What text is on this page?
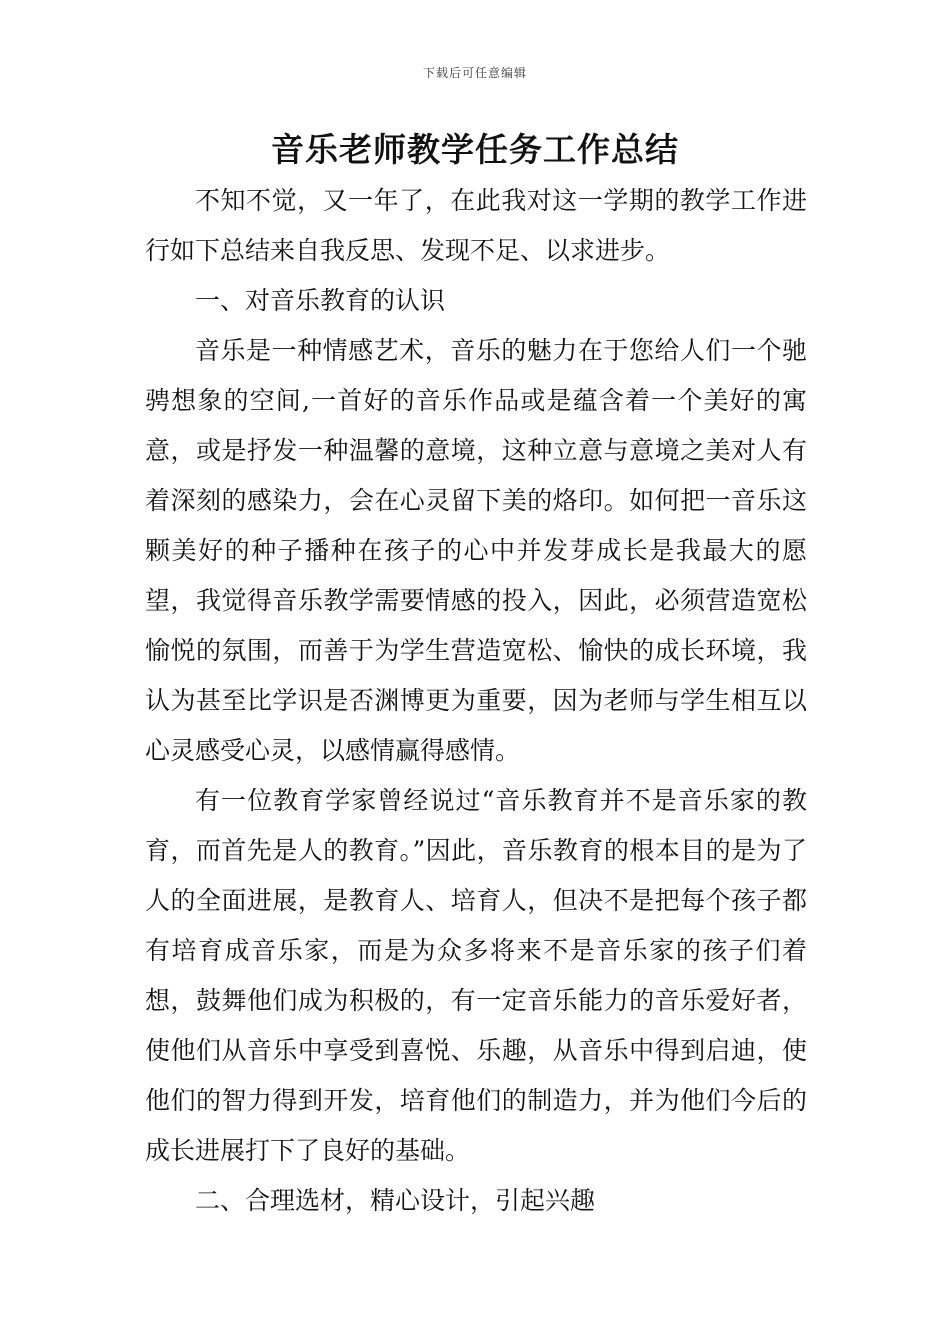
下载后可任意编辑
音乐老师教学任务工作总结

不知不觉，又一年了，在此我对这一学期的教学工作进行如下总结来自我反思、发现不足、以求进步。

一、对音乐教育的认识

音乐是一种情感艺术，音乐的魅力在于您给人们一个驰骋想象的空间,一首好的音乐作品或是蕴含着一个美好的寓意，或是抒发一种温馨的意境，这种立意与意境之美对人有着深刻的感染力，会在心灵留下美的烙印。如何把一音乐这颗美好的种子播种在孩子的心中并发芽成长是我最大的愿望，我觉得音乐教学需要情感的投入，因此，必须营造宽松愉悦的氛围，而善于为学生营造宽松、愉快的成长环境，我认为甚至比学识是否渊博更为重要，因为老师与学生相互以心灵感受心灵，以感情赢得感情。

有一位教育学家曾经说过“音乐教育并不是音乐家的教育，而首先是人的教育。”因此，音乐教育的根本目的是为了人的全面进展，是教育人、培育人，但决不是把每个孩子都有培育成音乐家，而是为众多将来不是音乐家的孩子们着想，鼓舞他们成为积极的，有一定音乐能力的音乐爱好者，使他们从音乐中享受到喜悦、乐趣，从音乐中得到启迪，使他们的智力得到开发，培育他们的制造力，并为他们今后的成长进展打下了良好的基础。

二、合理选材，精心设计，引起兴趣
